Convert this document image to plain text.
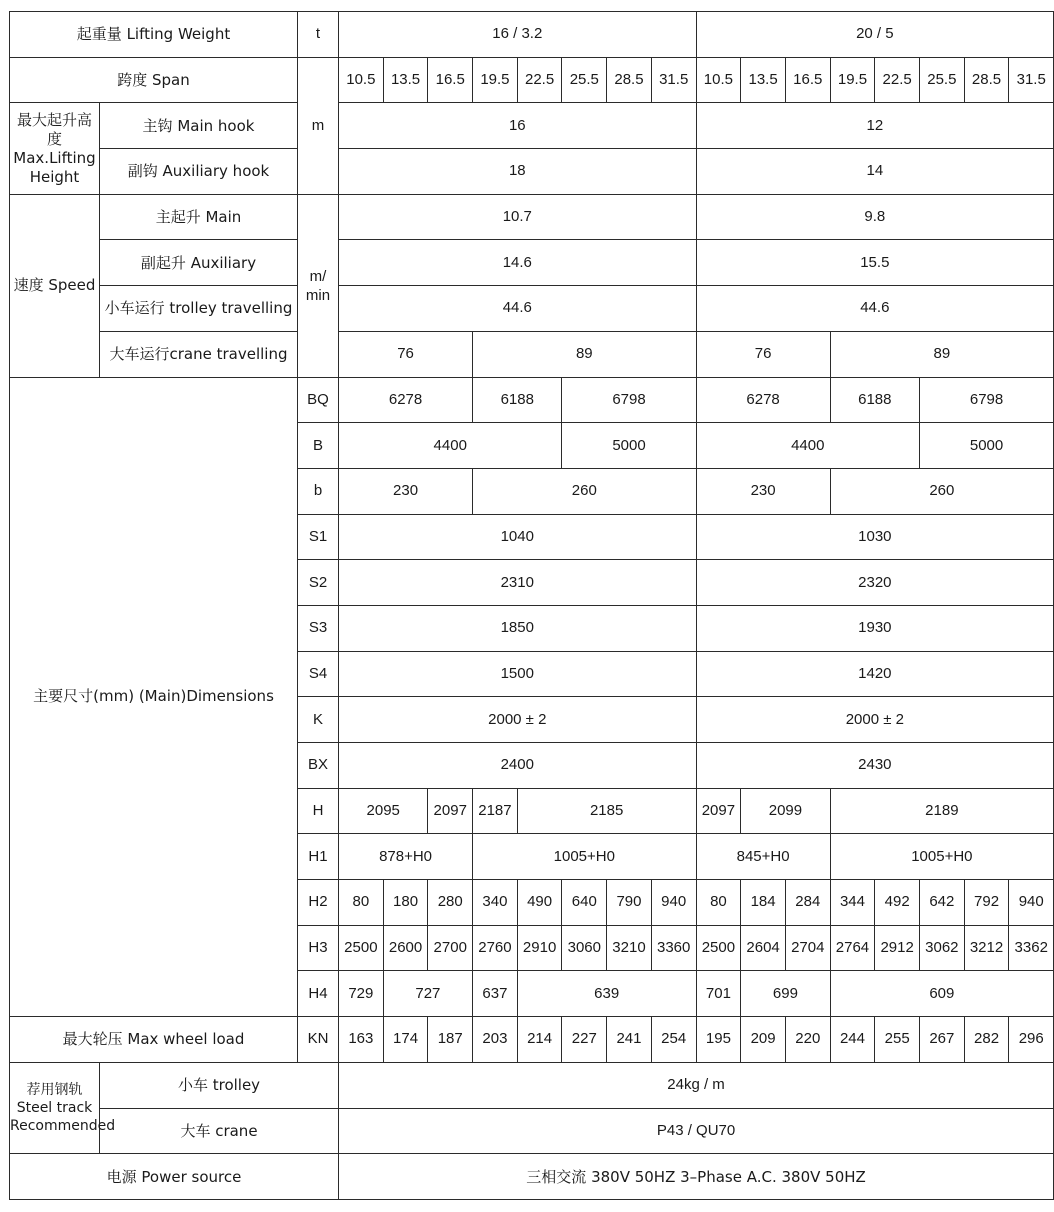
起重量 Lifting Weight		t	16 / 3.2								20 / 5							
跨度 Span		m	10.5	13.5	16.5	19.5	22.5	25.5	28.5	31.5	10.5	13.5	16.5	19.5	22.5	25.5	28.5	31.5
最大起升高度 Max.Lifting Height	主钩 Main hook		16								12							
	副钩 Auxiliary hook		18								14							
速度 Speed	主起升 Main	m/ min	10.7								9.8							
	副起升 Auxiliary		14.6								15.5							
	小车运行 trolley travelling		44.6								44.6							
	大车运行crane travelling		76			89					76			89				
主要尺寸(mm) (Main)Dimensions		BQ	6278			6188		6798			6278			6188		6798		
		B	4400					5000			4400					5000		
		b	230			260					230			260				
		S1	1040								1030							
		S2	2310								2320							
		S3	1850								1930							
		S4	1500								1420							
		K	2000 ± 2								2000 ± 2							
		BX	2400								2430							
		H	2095		2097	2187	2185				2097	2099		2189				
		H1	878+H0			1005+H0					845+H0			1005+H0				
		H2	80	180	280	340	490	640	790	940	80	184	284	344	492	642	792	940
		H3	2500	2600	2700	2760	2910	3060	3210	3360	2500	2604	2704	2764	2912	3062	3212	3362
		H4	729	727		637	639				701	699		609				
最大轮压 Max wheel load		KN	163	174	187	203	214	227	241	254	195	209	220	244	255	267	282	296
荐用钢轨 Steel track Recommended	小车 trolley		24kg / m															
	大车 crane		P43 / QU70															
电源 Power source			三相交流 380V 50HZ 3–Phase A.C. 380V 50HZ															
